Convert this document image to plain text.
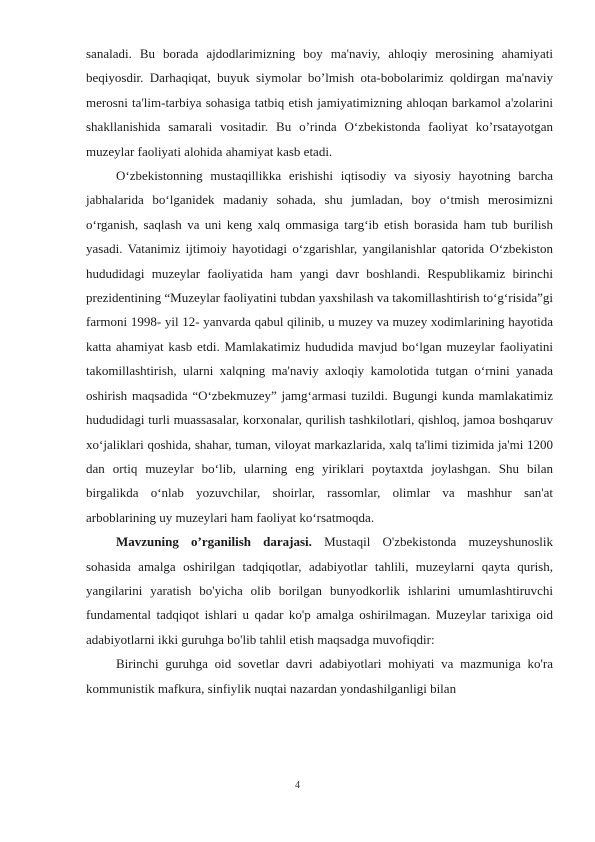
sanaladi. Bu borada ajdodlarimizning boy ma'naviy, ahloqiy merosining ahamiyati beqiyosdir. Darhaqiqat, buyuk siymolar bo’lmish ota-bobolarimiz qoldirgan ma'naviy merosni ta'lim-tarbiya sohasiga tatbiq etish jamiyatimizning ahloqan barkamol a'zolarini shakllanishida samarali vositadir. Bu o’rinda O‘zbekistonda faoliyat ko’rsatayotgan muzeylar faoliyati alohida ahamiyat kasb etadi.

O‘zbekistonning mustaqillikka erishishi iqtisodiy va siyosiy hayotning barcha jabhalarida bo‘lganidek madaniy sohada, shu jumladan, boy o‘tmish merosimizni o‘rganish, saqlash va uni keng xalq ommasiga targ‘ib etish borasida ham tub burilish yasadi. Vatanimiz ijtimoiy hayotidagi o‘zgarishlar, yangilanishlar qatorida O‘zbekiston hududidagi muzeylar faoliyatida ham yangi davr boshlandi. Respublikamiz birinchi prezidentining “Muzeylar faoliyatini tubdan yaxshilash va takomillashtirish to‘g‘risida”gi farmoni 1998- yil 12- yanvarda qabul qilinib, u muzey va muzey xodimlarining hayotida katta ahamiyat kasb etdi. Mamlakatimiz hududida mavjud bo‘lgan muzeylar faoliyatini takomillashtirish, ularni xalqning ma'naviy axloqiy kamolotida tutgan o‘rnini yanada oshirish maqsadida “O‘zbekmuzey” jamg‘armasi tuzildi. Bugungi kunda mamlakatimiz hududidagi turli muassasalar, korxonalar, qurilish tashkilotlari, qishloq, jamoa boshqaruv xo‘jaliklari qoshida, shahar, tuman, viloyat markazlarida, xalq ta'limi tizimida ja'mi 1200 dan ortiq muzeylar bo‘lib, ularning eng yiriklari poytaxtda joylashgan. Shu bilan birgalikda o‘nlab yozuvchilar, shoirlar, rassomlar, olimlar va mashhur san'at arboblarining uy muzeylari ham faoliyat ko‘rsatmoqda.

Mavzuning o’rganilish darajasi. Mustaqil O'zbekistonda muzeyshunoslik sohasida amalga oshirilgan tadqiqotlar, adabiyotlar tahlili, muzeylarni qayta qurish, yangilarini yaratish bo'yicha olib borilgan bunyodkorlik ishlarini umumlashtiruvchi fundamental tadqiqot ishlari u qadar ko'p amalga oshirilmagan. Muzeylar tarixiga oid adabiyotlarni ikki guruhga bo'lib tahlil etish maqsadga muvofiqdir:

Birinchi guruhga oid sovetlar davri adabiyotlari mohiyati va mazmuniga ko'ra kommunistik mafkura, sinfiylik nuqtai nazardan yondashilganligi bilan

4
